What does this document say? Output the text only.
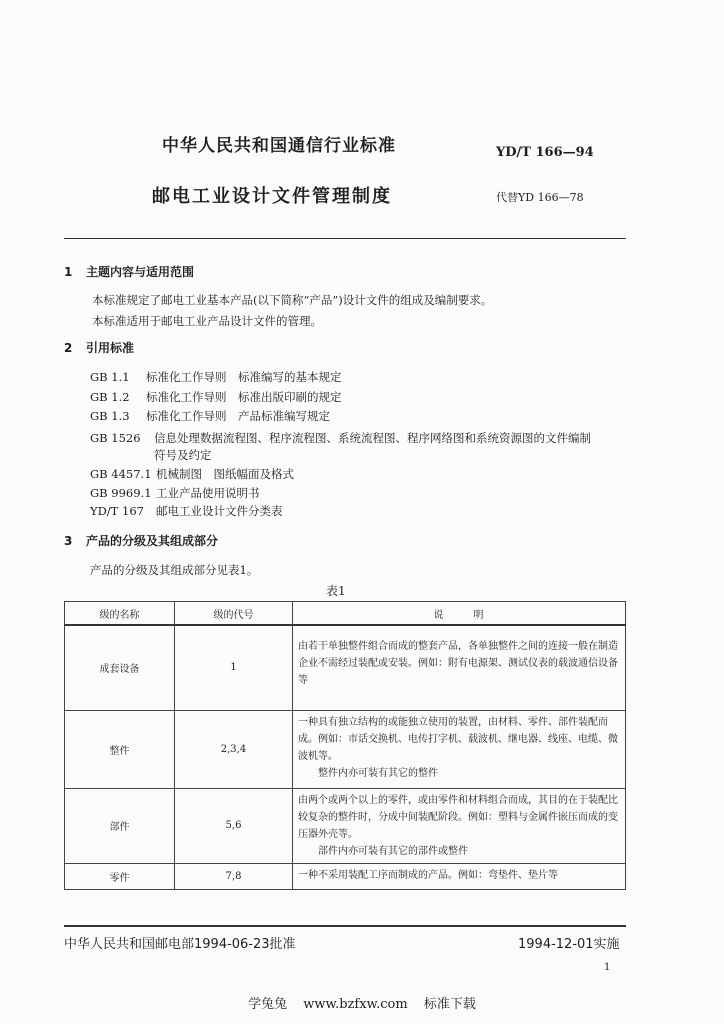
中华人民共和国通信行业标准	YD/T 166—94
邮电工业设计文件管理制度	代替YD 166—78
1 主题内容与适用范围
本标准规定了邮电工业基本产品(以下简称“产品”)设计文件的组成及编制要求。
本标准适用于邮电工业产品设计文件的管理。
2 引用标准
GB 1.1 标准化工作导则　标准编写的基本规定
GB 1.2 标准化工作导则　标准出版印刷的规定
GB 1.3 标准化工作导则　产品标准编写规定
GB 1526 信息处理数据流程图、程序流程图、系统流程图、程序网络图和系统资源图的文件编制
符号及约定
GB 4457.1 机械制图　图纸幅面及格式
GB 9969.1 工业产品使用说明书
YD/T 167 邮电工业设计文件分类表
3 产品的分级及其组成部分
产品的分级及其组成部分见表1。
表1
级的名称	级的代号	说　明
成套设备	1	由若干单独整件组合而成的整套产品，各单独整件之间的连接一般在制造企业不需经过装配或安装。例如：附有电源架、测试仪表的载波通信设备等
整件	2,3,4	一种具有独立结构的或能独立使用的装置，由材料、零件、部件装配而成。例如：市话交换机、电传打字机、载波机、继电器、线座、电缆、微波机等。
整件内亦可装有其它的整件

部件	5,6	由两个或两个以上的零件，或由零件和材料组合而成，其目的在于装配比较复杂的整件时，分成中间装配阶段。例如：塑料与金属件嵌压而成的变压器外壳等。
部件内亦可装有其它的部件或整件

零件	7,8	一种不采用装配工序而制成的产品。例如：弯垫件、垫片等
中华人民共和国邮电部1994-06-23批准	1994-12-01实施
1
学兔兔 www.bzfxw.com 标准下载
